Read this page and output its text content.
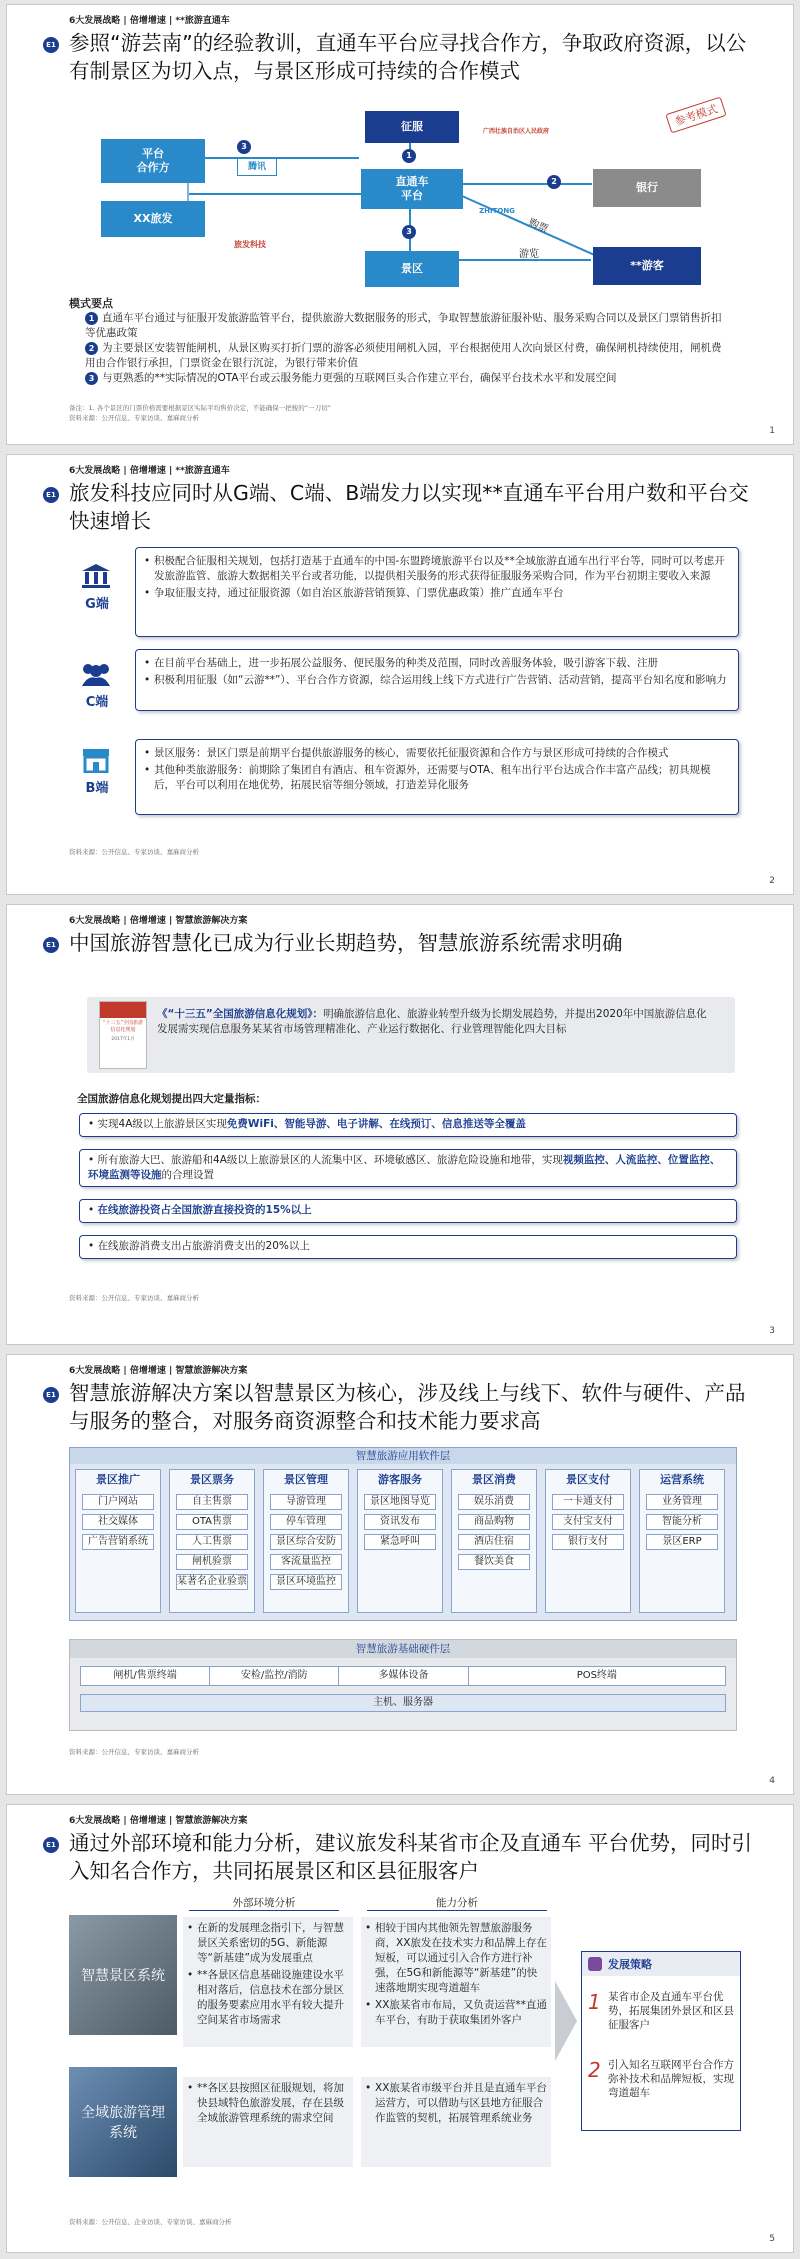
6大发展战略 | 倍增增速 | **旅游直通车
E1 参照“游芸南”的经验教训，直通车平台应寻找合作方，争取政府资源，以公有制景区为切入点，与景区形成可持续的合作模式
参考模式
平台
合作方	腾讯
XX旅发
旅发科技
征服	广西壮族自治区人民政府
直通车
平台
ZHITONG
银行
景区	**游客
游览
购票
1
2
3
3
模式要点
1 直通车平台通过与征服开发旅游监管平台，提供旅游大数据服务的形式，争取智慧旅游征服补贴、服务采购合同以及景区门票销售折扣等优惠政策
2 为主要景区安装智能闸机，从景区购买打折门票的游客必须使用闸机入园，平台根据使用人次向景区付费，确保闸机持续使用，闸机费用由合作银行承担，门票资金在银行沉淀，为银行带来价值
3 与更熟悉的**实际情况的OTA平台或云服务能力更强的互联网巨头合作建立平台，确保平台技术水平和发展空间
备注：1. 各个景区的门票价格需要根据景区实际平均售价决定，不能确保一把梭的“一刀切”
资料来源：公开信息、专家访谈、嘉麻商分析
1
6大发展战略 | 倍增增速 | **旅游直通车
E1 旅发科技应同时从G端、C端、B端发力以实现**直通车平台用户数和平台交快速增长
G端
• 积极配合征服相关规划，包括打造基于直通车的中国-东盟跨境旅游平台以及**全域旅游直通车出行平台等，同时可以考虑开发旅游监管、旅游大数据相关平台或者功能，以提供相关服务的形式获得征服服务采购合同，作为平台初期主要收入来源
• 争取征服支持，通过征服资源（如自治区旅游营销预算、门票优惠政策）推广直通车平台
C端
• 在目前平台基础上，进一步拓展公益服务、便民服务的种类及范围，同时改善服务体验，吸引游客下载、注册
• 积极利用征服（如“云游**”）、平台合作方资源，综合运用线上线下方式进行广告营销、活动营销，提高平台知名度和影响力
B端
• 景区服务：景区门票是前期平台提供旅游服务的核心，需要依托征服资源和合作方与景区形成可持续的合作模式
• 其他种类旅游服务：前期除了集团自有酒店、租车资源外，还需要与OTA、租车出行平台达成合作丰富产品线；初具规模后，平台可以利用在地优势，拓展民宿等细分领域，打造差异化服务
资料来源：公开信息、专家访谈、嘉麻商分析
2
6大发展战略 | 倍增增速 | 智慧旅游解决方案
E1 中国旅游智慧化已成为行业长期趋势，智慧旅游系统需求明确
“十三五”全国旅游信息化规划
2017年1月
《“十三五”全国旅游信息化规划》：明确旅游信息化、旅游业转型升级为长期发展趋势，并提出2020年中国旅游信息化发展需实现信息服务某某省市场管理精准化、产业运行数据化、行业管理智能化四大目标
全国旅游信息化规划提出四大定量指标：
• 实现4A级以上旅游景区实现免费WiFi、智能导游、电子讲解、在线预订、信息推送等全覆盖
• 所有旅游大巴、旅游船和4A级以上旅游景区的人流集中区、环境敏感区、旅游危险设施和地带，实现视频监控、人流监控、位置监控、环境监测等设施的合理设置
• 在线旅游投资占全国旅游直接投资的15%以上
• 在线旅游消费支出占旅游消费支出的20%以上
资料来源：公开信息、专家访谈、嘉麻商分析
3
6大发展战略 | 倍增增速 | 智慧旅游解决方案
E1 智慧旅游解决方案以智慧景区为核心，涉及线上与线下、软件与硬件、产品与服务的整合，对服务商资源整合和技术能力要求高
智慧旅游应用软件层
智慧旅游基础硬件层
闸机/售票终端	安检/监控/消防	多媒体设备	POS终端
主机、服务器
资料来源：公开信息、专家访谈、嘉麻商分析
4
景区推广
门户网站
社交媒体
广告营销系统
景区票务
自主售票
OTA售票
人工售票
闸机验票
某著名企业验票
景区管理
导游管理
停车管理
景区综合安防
客流量监控
景区环境监控
游客服务
景区地图导览
资讯发布
紧急呼叫
景区消费
娱乐消费
商品购物
酒店住宿
餐饮美食
景区支付
一卡通支付
支付宝支付
银行支付
运营系统
业务管理
智能分析
景区ERP
6大发展战略 | 倍增增速 | 智慧旅游解决方案
E1 通过外部环境和能力分析，建议旅发科某省市企及直通车 平台优势，同时引入知名合作方，共同拓展景区和区县征服客户
外部环境分析	能力分析
智慧景区系统
全域旅游管理系统
• 在新的发展理念指引下，与智慧景区关系密切的5G、新能源等“新基建”成为发展重点
• **各景区信息基础设施建设水平相对落后，信息技术在部分景区的服务要素应用水平有较大提升空间某省市场需求
• 相较于国内其他领先智慧旅游服务商，XX旅发在技术实力和品牌上存在短板，可以通过引入合作方进行补强，在5G和新能源等“新基建”的快速落地期实现弯道超车
• XX旅某省市布局，又负责运营**直通车平台，有助于获取集团外客户
• **各区县按照区征服规划，将加快县域特色旅游发展，存在县级全域旅游管理系统的需求空间
• XX旅某省市级平台并且是直通车平台运营方，可以借助与区县地方征服合作监管的契机，拓展管理系统业务
发展策略
1 某省市企及直通车平台优势，拓展集团外景区和区县征服客户
2 引入知名互联网平台合作方弥补技术和品牌短板，实现弯道超车
资料来源：公开信息、企业访谈、专家访谈、嘉麻商分析
5
